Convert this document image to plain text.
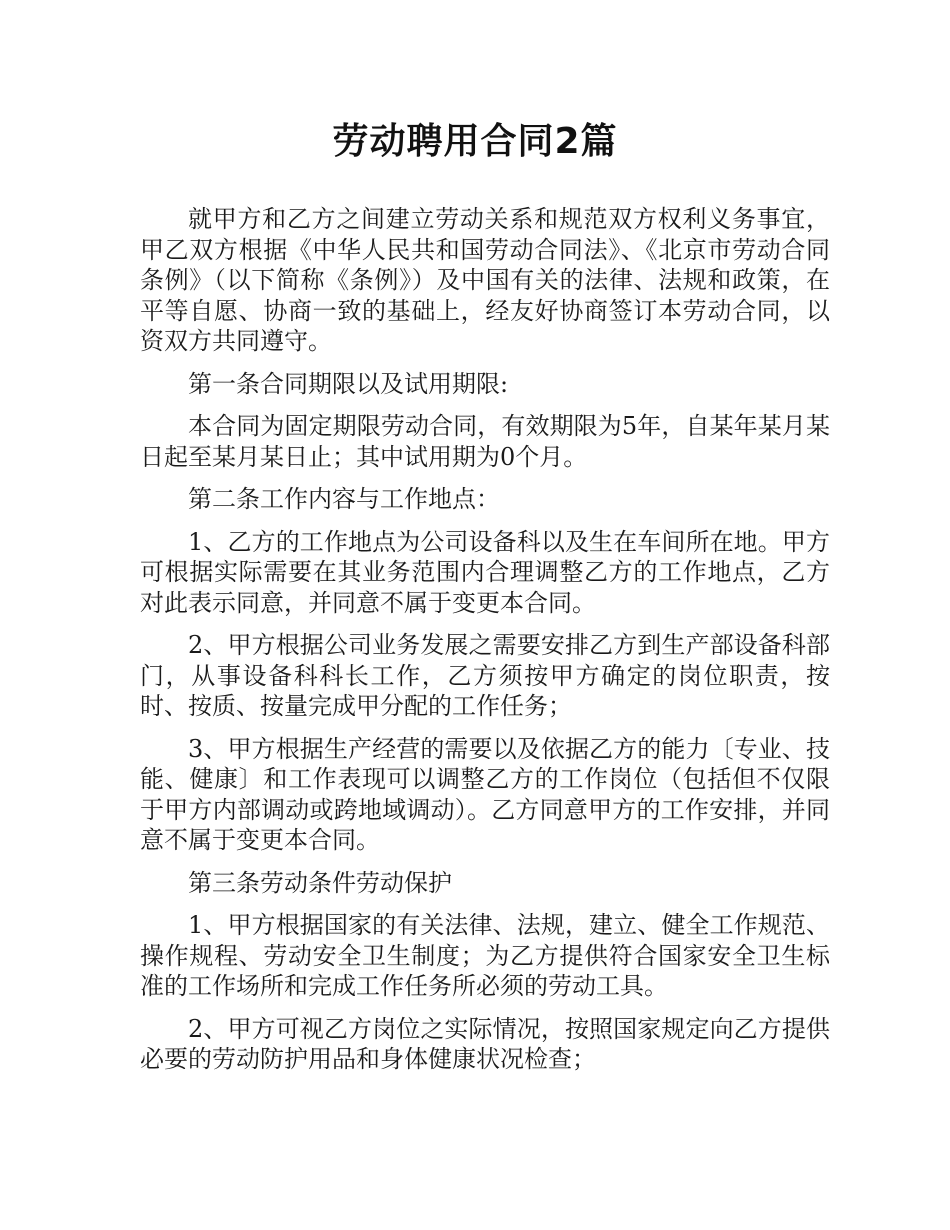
劳动聘用合同2篇

就甲方和乙方之间建立劳动关系和规范双方权利义务事宜，甲乙双方根据《中华人民共和国劳动合同法》、《北京市劳动合同条例》（以下简称《条例》）及中国有关的法律、法规和政策，在平等自愿、协商一致的基础上，经友好协商签订本劳动合同，以资双方共同遵守。

第一条合同期限以及试用期限:

本合同为固定期限劳动合同，有效期限为5年，自某年某月某日起至某月某日止；其中试用期为0个月。

第二条工作内容与工作地点：

1、乙方的工作地点为公司设备科以及生在车间所在地。甲方可根据实际需要在其业务范围内合理调整乙方的工作地点，乙方对此表示同意，并同意不属于变更本合同。

2、甲方根据公司业务发展之需要安排乙方到生产部设备科部门，从事设备科科长工作，乙方须按甲方确定的岗位职责，按时、按质、按量完成甲分配的工作任务；

3、甲方根据生产经营的需要以及依据乙方的能力〔专业、技能、健康〕和工作表现可以调整乙方的工作岗位（包括但不仅限于甲方内部调动或跨地域调动）。乙方同意甲方的工作安排，并同意不属于变更本合同。

第三条劳动条件劳动保护

1、甲方根据国家的有关法律、法规，建立、健全工作规范、操作规程、劳动安全卫生制度；为乙方提供符合国家安全卫生标准的工作场所和完成工作任务所必须的劳动工具。

2、甲方可视乙方岗位之实际情况，按照国家规定向乙方提供必要的劳动防护用品和身体健康状况检查；
